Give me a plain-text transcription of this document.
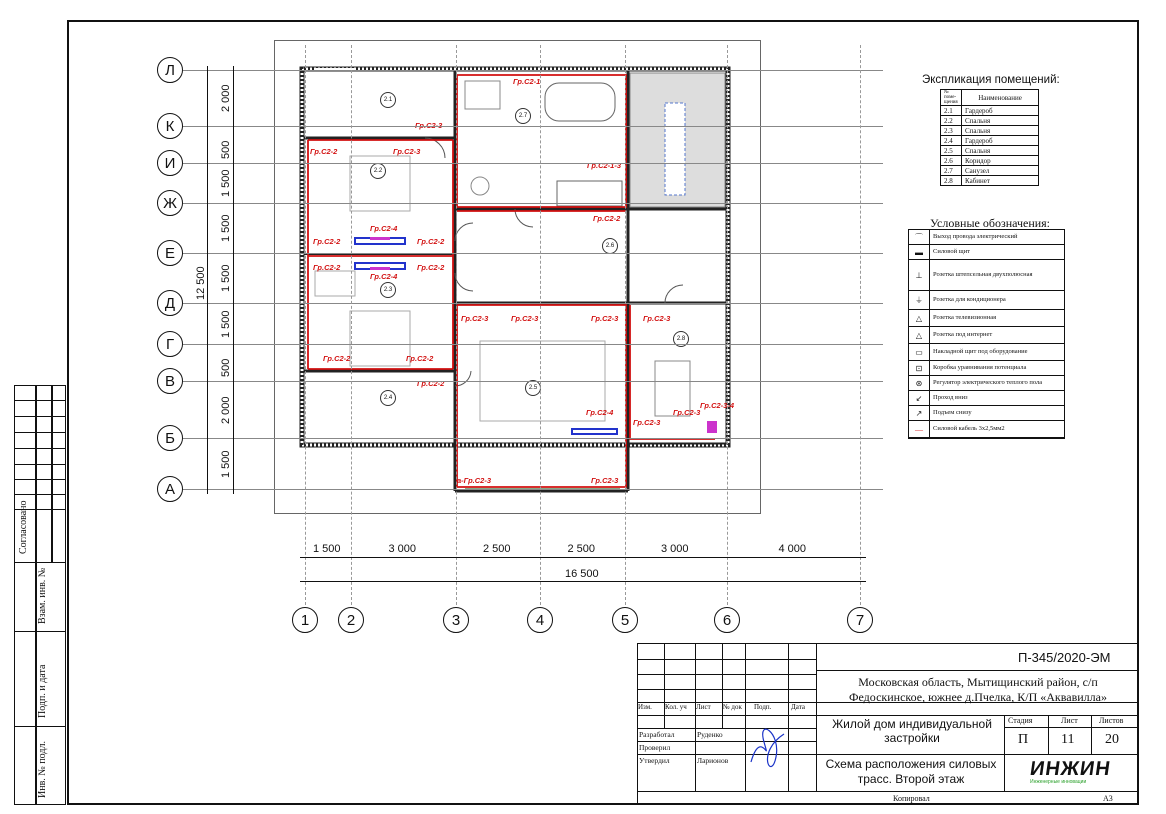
Согласовано
Взам. инв. №
Подп. и дата
Инв. № подл.
2.1
2.2
2.3
2.4
2.5
2.6
2.7
2.8
Гр.С2-1
Гр.С2-3
Гр.С2-2	Гр.С2-3
Гр.С2-1-3
Гр.С2-2
Гр.С2-4
Гр.С2-2	Гр.С2-2
Гр.С2-2	Гр.С2-2
Гр.С2-4
Гр.С2-3	Гр.С2-3	Гр.С2-3	Гр.С2-3
Гр.С2-2	Гр.С2-2
Гр.С2-2
Гр.С2-4	Гр.С2-3
Гр.С2-3-4
Гр.С2-3
a-Гр.С2-3	Гр.С2-3
Л
К
И
Ж
Е
Д
Г
В
Б
А
1	2	3	4	5	6	7
2 000
500
1 500
1 500
1 500
1 500
500
2 000
1 500
12 500
1 500	3 000	2 500	2 500	3 000	4 000
16 500
Экспликация помещений:
№ поме- щения	Наименование
2.1	Гардероб
2.2	Спальня
2.3	Спальня
2.4	Гардероб
2.5	Спальня
2.6	Коридор
2.7	Санузел
2.8	Кабинет
Условные обозначения:
⌒	Выход провода электрический
▬	Силовой щит
⊥	Розетка штепсельная двухполюсная
⏚	Розетка для кондиционера
△	Розетка телевизионная
△	Розетка под интернет
▭	Накладной щит под оборудование
⊡	Коробка уравнивания потенциала
⊛	Регулятор электрического теплого пола
↙	Проход вниз
↗	Подъем снизу
—	Силовой кабель 3х2,5мм2
П-345/2020-ЭМ
Московская область, Мытищинский район, с/п Федоскинское, южнее д.Пчелка, К/П «Аквавилла»
Жилой дом индивидуальной застройки
Схема расположения силовых трасс. Второй этаж
Изм. Кол. уч Лист № док Подп.	Дата
Разработал	Руденко
Проверил
Утвердил	Ларионов
Стадия	Лист	Листов
П 11 20
ИНЖИН
Инженерные инновации
Копировал	А3
